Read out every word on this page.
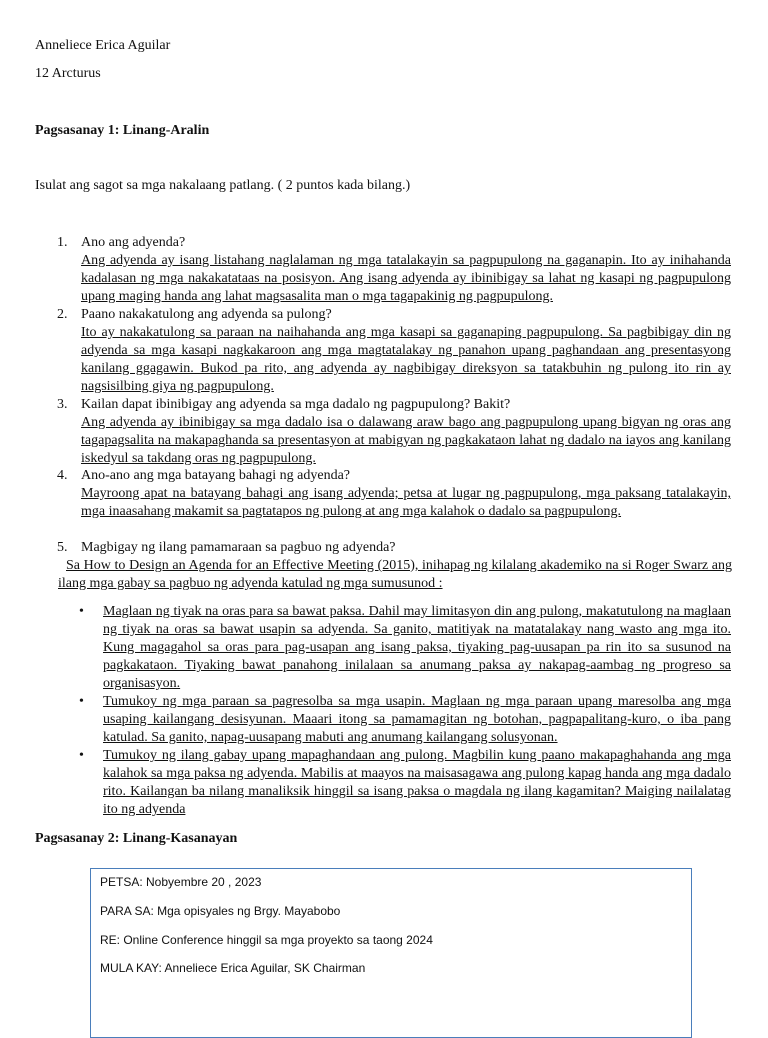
Anneliece Erica Aguilar
12 Arcturus
Pagsasanay 1: Linang-Aralin
Isulat ang sagot sa mga nakalaang patlang. ( 2 puntos kada bilang.)
1. Ano ang adyenda?
Ang adyenda ay isang listahang naglalaman ng mga tatalakayin sa pagpupulong na gaganapin. Ito ay inihahanda kadalasan ng mga nakakatataas na posisyon. Ang isang adyenda ay ibinibigay sa lahat ng kasapi ng pagpupulong upang maging handa ang lahat magsasalita man o mga tagapakinig ng pagpupulong.
2. Paano nakakatulong ang adyenda sa pulong?
Ito ay nakakatulong sa paraan na naihahanda ang mga kasapi sa gaganaping pagpupulong. Sa pagbibigay din ng adyenda sa mga kasapi nagkakaroon ang mga magtatalakay ng panahon upang paghandaan ang presentasyong kanilang ggagawin. Bukod pa rito, ang adyenda ay nagbibigay direksyon sa tatakbuhin ng pulong ito rin ay nagsisilbing giya ng pagpupulong.
3. Kailan dapat ibinibigay ang adyenda sa mga dadalo ng pagpupulong? Bakit?
Ang adyenda ay ibinibigay sa mga dadalo isa o dalawang araw bago ang pagpupulong upang bigyan ng oras ang tagapagsalita na makapaghanda sa presentasyon at mabigyan ng pagkakataon lahat ng dadalo na iayos ang kanilang iskedyul sa takdang oras ng pagpupulong.
4. Ano-ano ang mga batayang bahagi ng adyenda?
Mayroong apat na batayang bahagi ang isang adyenda; petsa at lugar ng pagpupulong, mga paksang tatalakayin, mga inaasahang makamit sa pagtatapos ng pulong at ang mga kalahok o dadalo sa pagpupulong.
5. Magbigay ng ilang pamamaraan sa pagbuo ng adyenda?
Sa How to Design an Agenda for an Effective Meeting (2015), inihapag ng kilalang akademiko na si Roger Swarz ang ilang mga gabay sa pagbuo ng adyenda katulad ng mga sumusunod :
• Maglaan ng tiyak na oras para sa bawat paksa. Dahil may limitasyon din ang pulong, makatutulong na maglaan ng tiyak na oras sa bawat usapin sa adyenda. Sa ganito, matitiyak na matatalakay nang wasto ang mga ito. Kung magagahol sa oras para pag-usapan ang isang paksa, tiyaking pag-uusapan pa rin ito sa susunod na pagkakataon. Tiyaking bawat panahong inilalaan sa anumang paksa ay nakapag-aambag ng progreso sa organisasyon.
• Tumukoy ng mga paraan sa pagresolba sa mga usapin. Maglaan ng mga paraan upang maresolba ang mga usaping kailangang desisyunan. Maaari itong sa pamamagitan ng botohan, pagpapalitang-kuro, o iba pang katulad. Sa ganito, napag-uusapang mabuti ang anumang kailangang solusyonan.
• Tumukoy ng ilang gabay upang mapaghandaan ang pulong. Magbilin kung paano makapaghahanda ang mga kalahok sa mga paksa ng adyenda. Mabilis at maayos na maisasagawa ang pulong kapag handa ang mga dadalo rito. Kailangan ba nilang manaliksik hinggil sa isang paksa o magdala ng ilang kagamitan? Maiging nailalatag ito ng adyenda
Pagsasanay 2: Linang-Kasanayan
PETSA: Nobyembre 20 , 2023
PARA SA: Mga opisyales ng Brgy. Mayabobo
RE: Online Conference hinggil sa mga proyekto sa taong 2024
MULA KAY: Anneliece Erica Aguilar, SK Chairman
